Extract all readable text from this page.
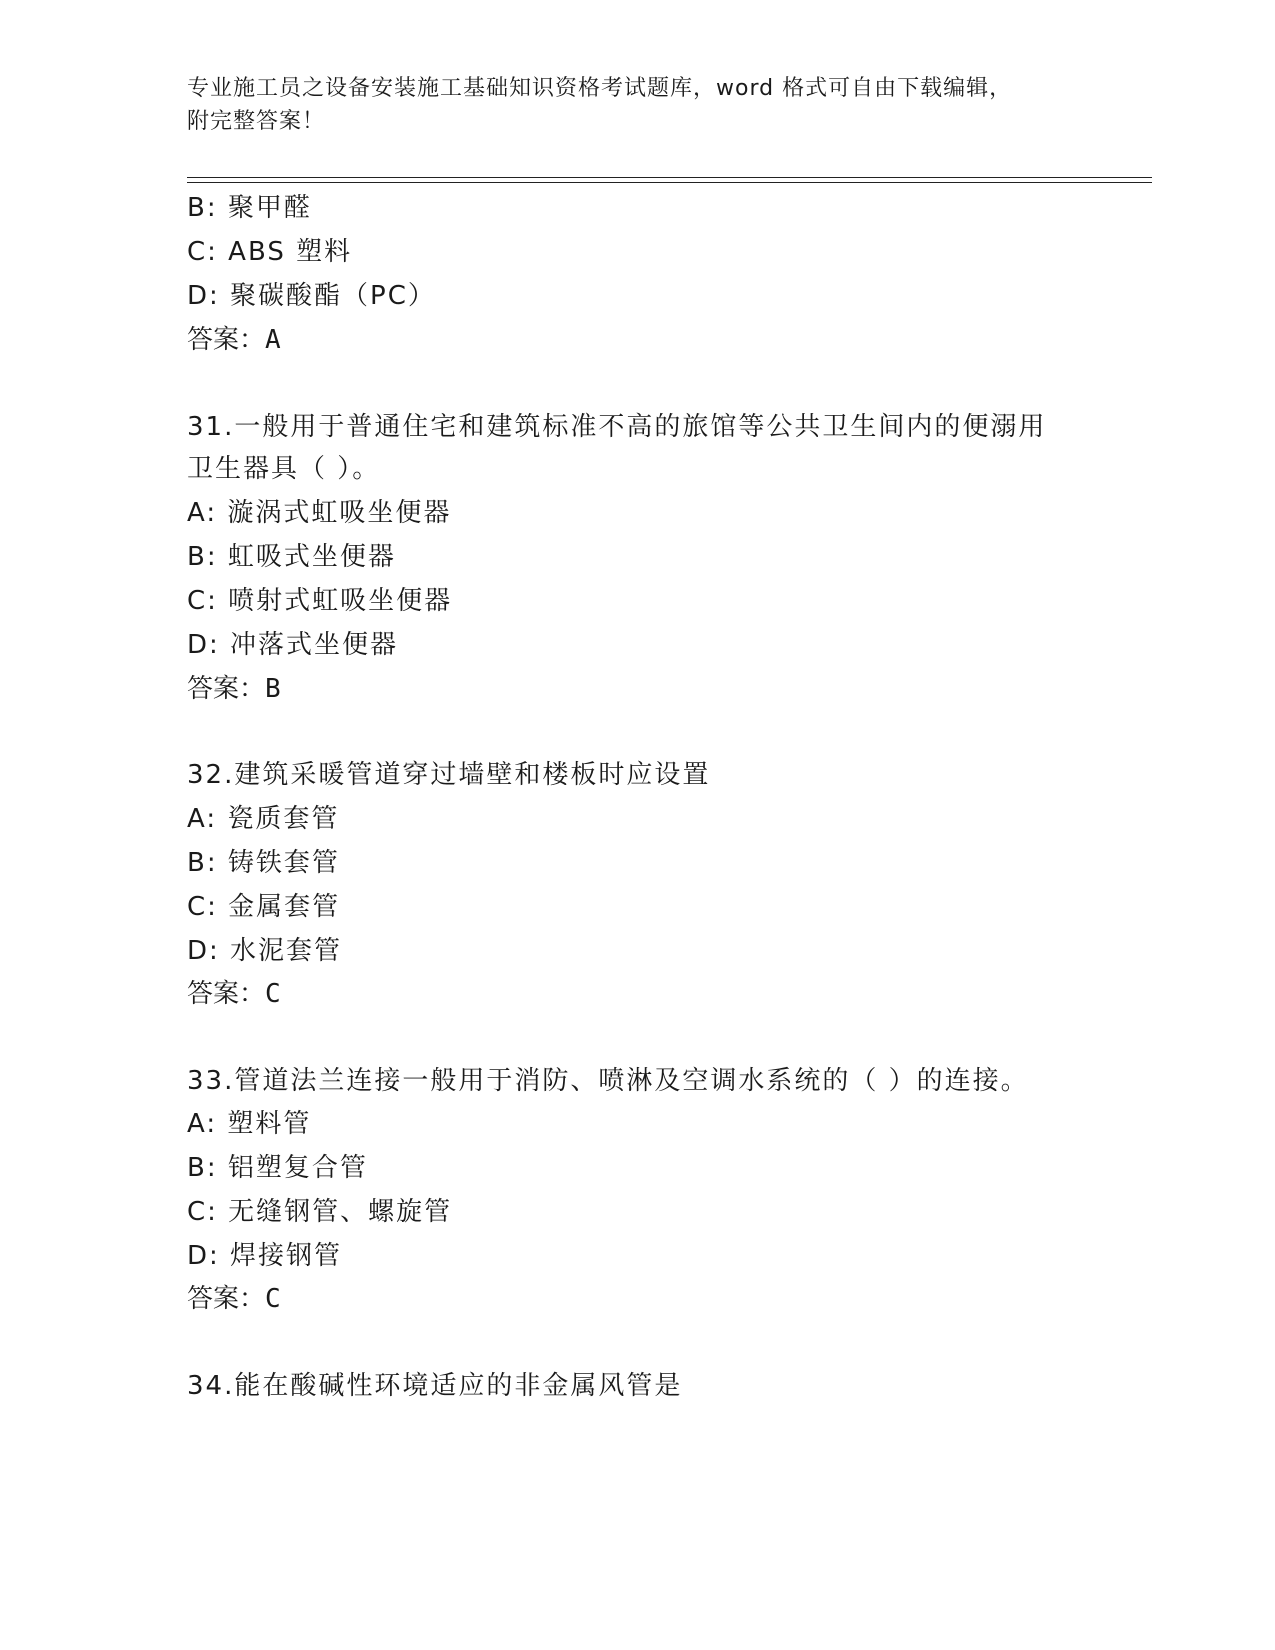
专业施工员之设备安装施工基础知识资格考试题库，word 格式可自由下载编辑，
附完整答案！
B: 聚甲醛
C: ABS 塑料
D: 聚碳酸酯（PC）
答案：A
31.一般用于普通住宅和建筑标准不高的旅馆等公共卫生间内的便溺用
卫生器具（ ）。
A: 漩涡式虹吸坐便器
B: 虹吸式坐便器
C: 喷射式虹吸坐便器
D: 冲落式坐便器
答案：B
32.建筑采暖管道穿过墙壁和楼板时应设置
A: 瓷质套管
B: 铸铁套管
C: 金属套管
D: 水泥套管
答案：C
33.管道法兰连接一般用于消防、喷淋及空调水系统的（ ）的连接。
A: 塑料管
B: 铝塑复合管
C: 无缝钢管、螺旋管
D: 焊接钢管
答案：C
34.能在酸碱性环境适应的非金属风管是
